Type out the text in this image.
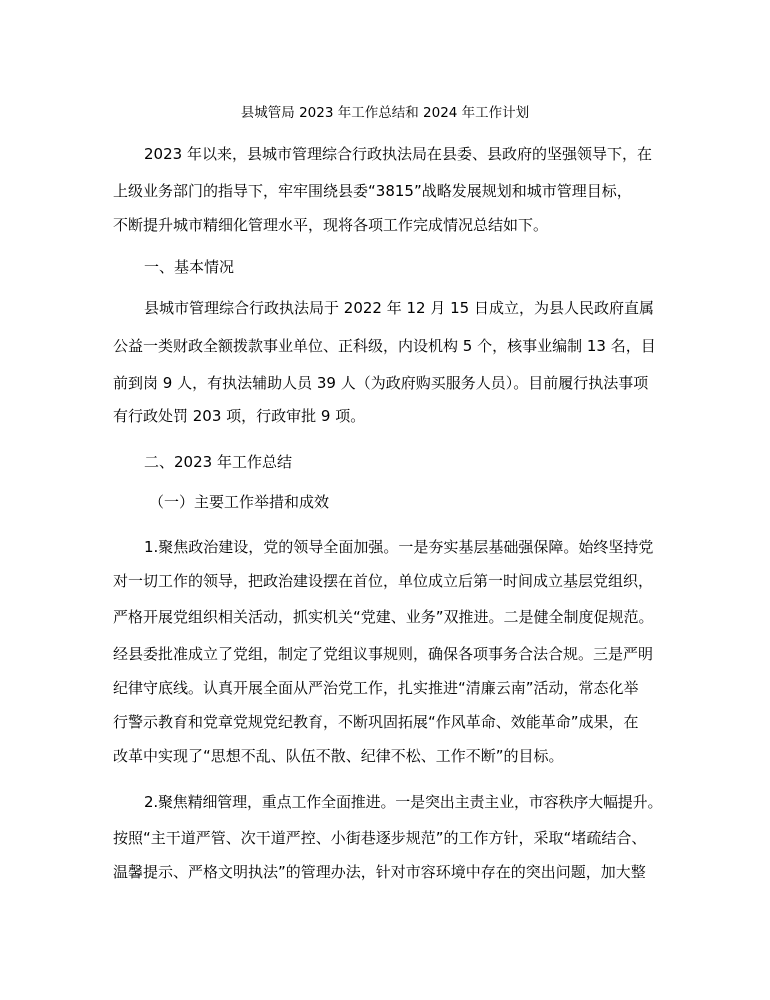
县城管局 2023 年工作总结和 2024 年工作计划
2023 年以来，县城市管理综合行政执法局在县委、县政府的坚强领导下，在
上级业务部门的指导下，牢牢围绕县委“3815”战略发展规划和城市管理目标，
不断提升城市精细化管理水平，现将各项工作完成情况总结如下。
一、基本情况
县城市管理综合行政执法局于 2022 年 12 月 15 日成立，为县人民政府直属
公益一类财政全额拨款事业单位、正科级，内设机构 5 个，核事业编制 13 名，目
前到岗 9 人，有执法辅助人员 39 人（为政府购买服务人员）。目前履行执法事项
有行政处罚 203 项，行政审批 9 项。
二、2023 年工作总结
（一）主要工作举措和成效
1.聚焦政治建设，党的领导全面加强。一是夯实基层基础强保障。始终坚持党
对一切工作的领导，把政治建设摆在首位，单位成立后第一时间成立基层党组织，
严格开展党组织相关活动，抓实机关“党建、业务”双推进。二是健全制度促规范。
经县委批准成立了党组，制定了党组议事规则，确保各项事务合法合规。三是严明
纪律守底线。认真开展全面从严治党工作，扎实推进“清廉云南”活动，常态化举
行警示教育和党章党规党纪教育，不断巩固拓展“作风革命、效能革命”成果，在
改革中实现了“思想不乱、队伍不散、纪律不松、工作不断”的目标。
2.聚焦精细管理，重点工作全面推进。一是突出主责主业，市容秩序大幅提升。
按照“主干道严管、次干道严控、小街巷逐步规范”的工作方针，采取“堵疏结合、
温馨提示、严格文明执法”的管理办法，针对市容环境中存在的突出问题，加大整
